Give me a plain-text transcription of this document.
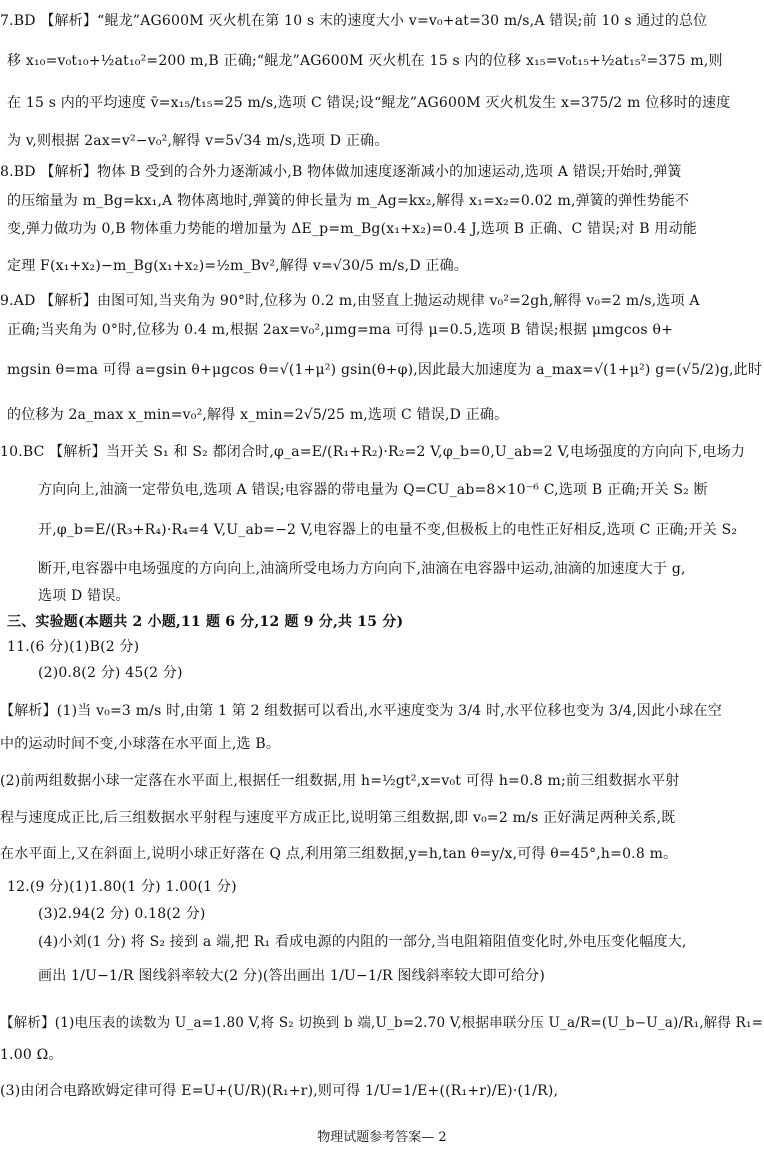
7.BD 【解析】“鲲龙”AG600M 灭火机在第 10 s 末的速度大小 v=v₀+at=30 m/s,A 错误;前 10 s 通过的总位
移 x₁₀=v₀t₁₀+½at₁₀²=200 m,B 正确;“鲲龙”AG600M 灭火机在 15 s 内的位移 x₁₅=v₀t₁₅+½at₁₅²=375 m,则
在 15 s 内的平均速度 v̄=x₁₅/t₁₅=25 m/s,选项 C 错误;设“鲲龙”AG600M 灭火机发生 x=375/2 m 位移时的速度
为 v,则根据 2ax=v²−v₀²,解得 v=5√34 m/s,选项 D 正确。
8.BD 【解析】物体 B 受到的合外力逐渐减小,B 物体做加速度逐渐减小的加速运动,选项 A 错误;开始时,弹簧
的压缩量为 m_Bg=kx₁,A 物体离地时,弹簧的伸长量为 m_Ag=kx₂,解得 x₁=x₂=0.02 m,弹簧的弹性势能不
变,弹力做功为 0,B 物体重力势能的增加量为 ΔE_p=m_Bg(x₁+x₂)=0.4 J,选项 B 正确、C 错误;对 B 用动能
定理 F(x₁+x₂)−m_Bg(x₁+x₂)=½m_Bv²,解得 v=√30/5 m/s,D 正确。
9.AD 【解析】由图可知,当夹角为 90°时,位移为 0.2 m,由竖直上抛运动规律 v₀²=2gh,解得 v₀=2 m/s,选项 A
正确;当夹角为 0°时,位移为 0.4 m,根据 2ax=v₀²,μmg=ma 可得 μ=0.5,选项 B 错误;根据 μmgcos θ+
mgsin θ=ma 可得 a=gsin θ+μgcos θ=√(1+μ²) gsin(θ+φ),因此最大加速度为 a_max=√(1+μ²) g=(√5/2)g,此时
的位移为 2a_max x_min=v₀²,解得 x_min=2√5/25 m,选项 C 错误,D 正确。
10.BC 【解析】当开关 S₁ 和 S₂ 都闭合时,φ_a=E/(R₁+R₂)·R₂=2 V,φ_b=0,U_ab=2 V,电场强度的方向向下,电场力
方向向上,油滴一定带负电,选项 A 错误;电容器的带电量为 Q=CU_ab=8×10⁻⁶ C,选项 B 正确;开关 S₂ 断
开,φ_b=E/(R₃+R₄)·R₄=4 V,U_ab=−2 V,电容器上的电量不变,但极板上的电性正好相反,选项 C 正确;开关 S₂
断开,电容器中电场强度的方向向上,油滴所受电场力方向向下,油滴在电容器中运动,油滴的加速度大于 g,
选项 D 错误。
三、实验题(本题共 2 小题,11 题 6 分,12 题 9 分,共 15 分)
11.(6 分)(1)B(2 分)
(2)0.8(2 分) 45(2 分)
【解析】(1)当 v₀=3 m/s 时,由第 1 第 2 组数据可以看出,水平速度变为 3/4 时,水平位移也变为 3/4,因此小球在空
中的运动时间不变,小球落在水平面上,选 B。
(2)前两组数据小球一定落在水平面上,根据任一组数据,用 h=½gt²,x=v₀t 可得 h=0.8 m;前三组数据水平射
程与速度成正比,后三组数据水平射程与速度平方成正比,说明第三组数据,即 v₀=2 m/s 正好满足两种关系,既
在水平面上,又在斜面上,说明小球正好落在 Q 点,利用第三组数据,y=h,tan θ=y/x,可得 θ=45°,h=0.8 m。
12.(9 分)(1)1.80(1 分) 1.00(1 分)
(3)2.94(2 分) 0.18(2 分)
(4)小刘(1 分) 将 S₂ 接到 a 端,把 R₁ 看成电源的内阻的一部分,当电阻箱阻值变化时,外电压变化幅度大,
画出 1/U−1/R 图线斜率较大(2 分)(答出画出 1/U−1/R 图线斜率较大即可给分)
【解析】(1)电压表的读数为 U_a=1.80 V,将 S₂ 切换到 b 端,U_b=2.70 V,根据串联分压 U_a/R=(U_b−U_a)/R₁,解得 R₁=
1.00 Ω。
(3)由闭合电路欧姆定律可得 E=U+(U/R)(R₁+r),则可得 1/U=1/E+((R₁+r)/E)·(1/R),
物理试题参考答案— 2
